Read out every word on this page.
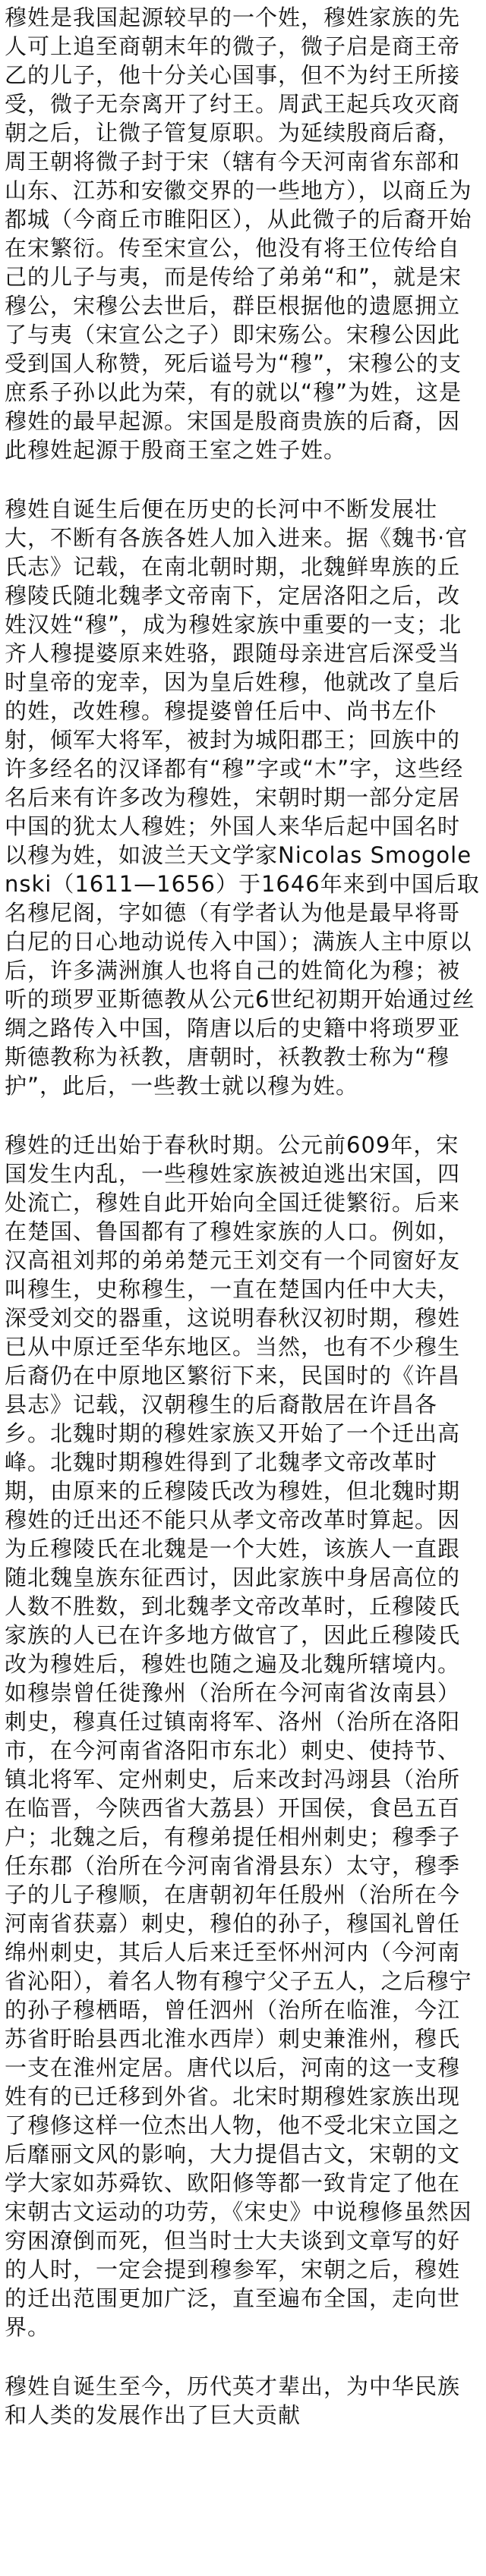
穆姓是我国起源较早的一个姓，穆姓家族的先人可上追至商朝末年的微子，微子启是商王帝乙的儿子，他十分关心国事，但不为纣王所接受，微子无奈离开了纣王。周武王起兵攻灭商朝之后，让微子管复原职。为延续殷商后裔，周王朝将微子封于宋（辖有今天河南省东部和山东、江苏和安徽交界的一些地方），以商丘为都城（今商丘市睢阳区），从此微子的后裔开始在宋繁衍。传至宋宣公，他没有将王位传给自己的儿子与夷，而是传给了弟弟“和”，就是宋穆公，宋穆公去世后，群臣根据他的遗愿拥立了与夷（宋宣公之子）即宋殇公。宋穆公因此受到国人称赞，死后谥号为“穆”，宋穆公的支庶系子孙以此为荣，有的就以“穆”为姓，这是穆姓的最早起源。宋国是殷商贵族的后裔，因此穆姓起源于殷商王室之姓子姓。

穆姓自诞生后便在历史的长河中不断发展壮大，不断有各族各姓人加入进来。据《魏书·官氏志》记载，在南北朝时期，北魏鲜卑族的丘穆陵氏随北魏孝文帝南下，定居洛阳之后，改姓汉姓“穆”，成为穆姓家族中重要的一支；北齐人穆提婆原来姓骆，跟随母亲进宫后深受当时皇帝的宠幸，因为皇后姓穆，他就改了皇后的姓，改姓穆。穆提婆曾任后中、尚书左仆射，倾军大将军，被封为城阳郡王；回族中的许多经名的汉译都有“穆”字或“木”字，这些经名后来有许多改为穆姓，宋朝时期一部分定居中国的犹太人穆姓；外国人来华后起中国名时以穆为姓，如波兰天文学家Nicolas Smogolenski（1611—1656）于1646年来到中国后取名穆尼阁，字如德（有学者认为他是最早将哥白尼的日心地动说传入中国）；满族人主中原以后，许多满洲旗人也将自己的姓简化为穆；被听的琐罗亚斯德教从公元6世纪初期开始通过丝绸之路传入中国，隋唐以后的史籍中将琐罗亚斯德教称为袄教，唐朝时，袄教教士称为“穆护”，此后，一些教士就以穆为姓。

穆姓的迁出始于春秋时期。公元前609年，宋国发生内乱，一些穆姓家族被迫逃出宋国，四处流亡，穆姓自此开始向全国迁徙繁衍。后来在楚国、鲁国都有了穆姓家族的人口。例如，汉高祖刘邦的弟弟楚元王刘交有一个同窗好友叫穆生，史称穆生，一直在楚国内任中大夫，深受刘交的器重，这说明春秋汉初时期，穆姓已从中原迁至华东地区。当然，也有不少穆生后裔仍在中原地区繁衍下来，民国时的《许昌县志》记载，汉朝穆生的后裔散居在许昌各乡。北魏时期的穆姓家族又开始了一个迁出高峰。北魏时期穆姓得到了北魏孝文帝改革时期，由原来的丘穆陵氏改为穆姓，但北魏时期穆姓的迁出还不能只从孝文帝改革时算起。因为丘穆陵氏在北魏是一个大姓，该族人一直跟随北魏皇族东征西讨，因此家族中身居高位的人数不胜数，到北魏孝文帝改革时，丘穆陵氏家族的人已在许多地方做官了，因此丘穆陵氏改为穆姓后，穆姓也随之遍及北魏所辖境内。如穆崇曾任徙豫州（治所在今河南省汝南县）刺史，穆真任过镇南将军、洛州（治所在洛阳市，在今河南省洛阳市东北）刺史、使持节、镇北将军、定州刺史，后来改封冯翊县（治所在临晋，今陕西省大荔县）开国侯，食邑五百户；北魏之后，有穆弟提任相州刺史；穆季子任东郡（治所在今河南省滑县东）太守，穆季子的儿子穆顺，在唐朝初年任殷州（治所在今河南省获嘉）刺史，穆伯的孙子，穆国礼曾任绵州刺史，其后人后来迁至怀州河内（今河南省沁阳），着名人物有穆宁父子五人，之后穆宁的孙子穆栖晤，曾任泗州（治所在临淮，今江苏省盱眙县西北淮水西岸）刺史兼淮州，穆氏一支在淮州定居。唐代以后，河南的这一支穆姓有的已迁移到外省。北宋时期穆姓家族出现了穆修这样一位杰出人物，他不受北宋立国之后靡丽文风的影响，大力提倡古文，宋朝的文学大家如苏舜钦、欧阳修等都一致肯定了他在宋朝古文运动的功劳，《宋史》中说穆修虽然因穷困潦倒而死，但当时士大夫谈到文章写的好的人时，一定会提到穆参军，宋朝之后，穆姓的迁出范围更加广泛，直至遍布全国，走向世界。

穆姓自诞生至今，历代英才辈出，为中华民族和人类的发展作出了巨大贡献
